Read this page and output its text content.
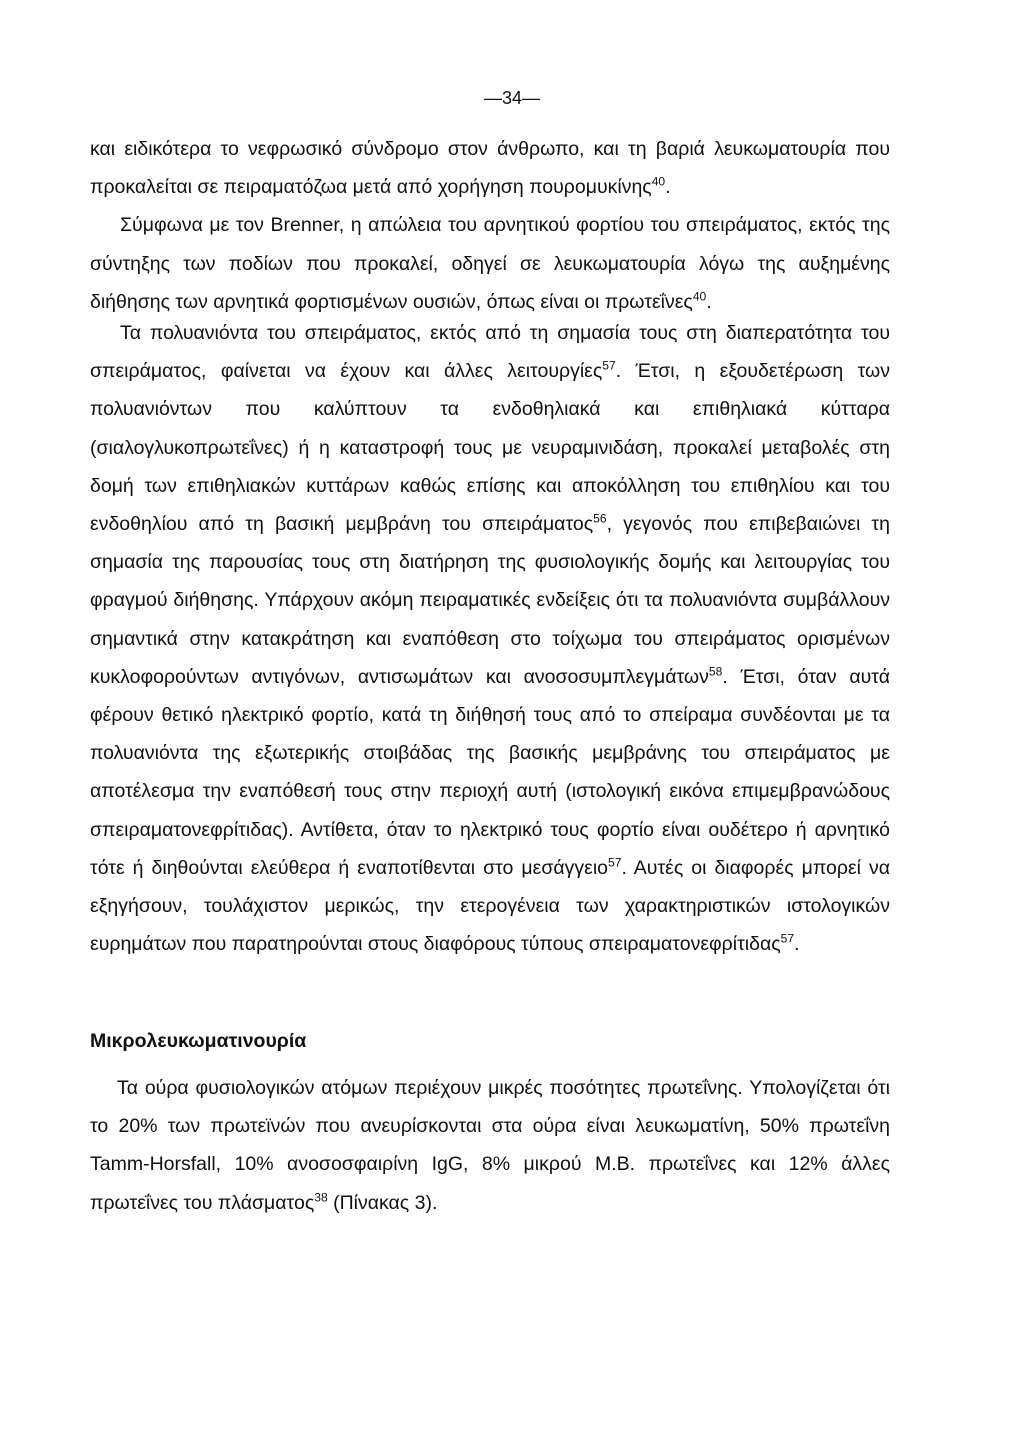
—34—

και ειδικότερα το νεφρωσικό σύνδρομο στον άνθρωπο, και τη βαριά λευκωματουρία που προκαλείται σε πειραματόζωα μετά από χορήγηση πουρομυκίνης$^{40}$.

Σύμφωνα με τον Brenner, η απώλεια του αρνητικού φορτίου του σπειράματος, εκτός της σύντηξης των ποδίων που προκαλεί, οδηγεί σε λευκωματουρία λόγω της αυξημένης διήθησης των αρνητικά φορτισμένων ουσιών, όπως είναι οι πρωτεΐνες$^{40}$.

Τα πολυανιόντα του σπειράματος, εκτός από τη σημασία τους στη διαπερατότητα του σπειράματος, φαίνεται να έχουν και άλλες λειτουργίες$^{57}$. Έτσι, η εξουδετέρωση των πολυανιόντων που καλύπτουν τα ενδοθηλιακά και επιθηλιακά κύτταρα (σιαλογλυκοπρωτεΐνες) ή η καταστροφή τους με νευραμινιδάση, προκαλεί μεταβολές στη δομή των επιθηλιακών κυττάρων καθώς επίσης και αποκόλληση του επιθηλίου και του ενδοθηλίου από τη βασική μεμβράνη του σπειράματος$^{56}$, γεγονός που επιβεβαιώνει τη σημασία της παρουσίας τους στη διατήρηση της φυσιολογικής δομής και λειτουργίας του φραγμού διήθησης. Υπάρχουν ακόμη πειραματικές ενδείξεις ότι τα πολυανιόντα συμβάλλουν σημαντικά στην κατακράτηση και εναπόθεση στο τοίχωμα του σπειράματος ορισμένων κυκλοφορούντων αντιγόνων, αντισωμάτων και ανοσοσυμπλεγμάτων$^{58}$. Έτσι, όταν αυτά φέρουν θετικό ηλεκτρικό φορτίο, κατά τη διήθησή τους από το σπείραμα συνδέονται με τα πολυανιόντα της εξωτερικής στοιβάδας της βασικής μεμβράνης του σπειράματος με αποτέλεσμα την εναπόθεσή τους στην περιοχή αυτή (ιστολογική εικόνα επιμεμβρανώδους σπειραματονεφρίτιδας). Αντίθετα, όταν το ηλεκτρικό τους φορτίο είναι ουδέτερο ή αρνητικό τότε ή διηθούνται ελεύθερα ή εναποτίθενται στο μεσάγγειο$^{57}$. Αυτές οι διαφορές μπορεί να εξηγήσουν, τουλάχιστον μερικώς, την ετερογένεια των χαρακτηριστικών ιστολογικών ευρημάτων που παρατηρούνται στους διαφόρους τύπους σπειραματονεφρίτιδας$^{57}$.

Μικρολευκωματινουρία

Τα ούρα φυσιολογικών ατόμων περιέχουν μικρές ποσότητες πρωτεΐνης. Υπολογίζεται ότι το 20% των πρωτεϊνών που ανευρίσκονται στα ούρα είναι λευκωματίνη, 50% πρωτεΐνη Tamm-Horsfall, 10% ανοσοσφαιρίνη IgG, 8% μικρού Μ.Β. πρωτεΐνες και 12% άλλες πρωτεΐνες του πλάσματος$^{38}$ (Πίνακας 3).
